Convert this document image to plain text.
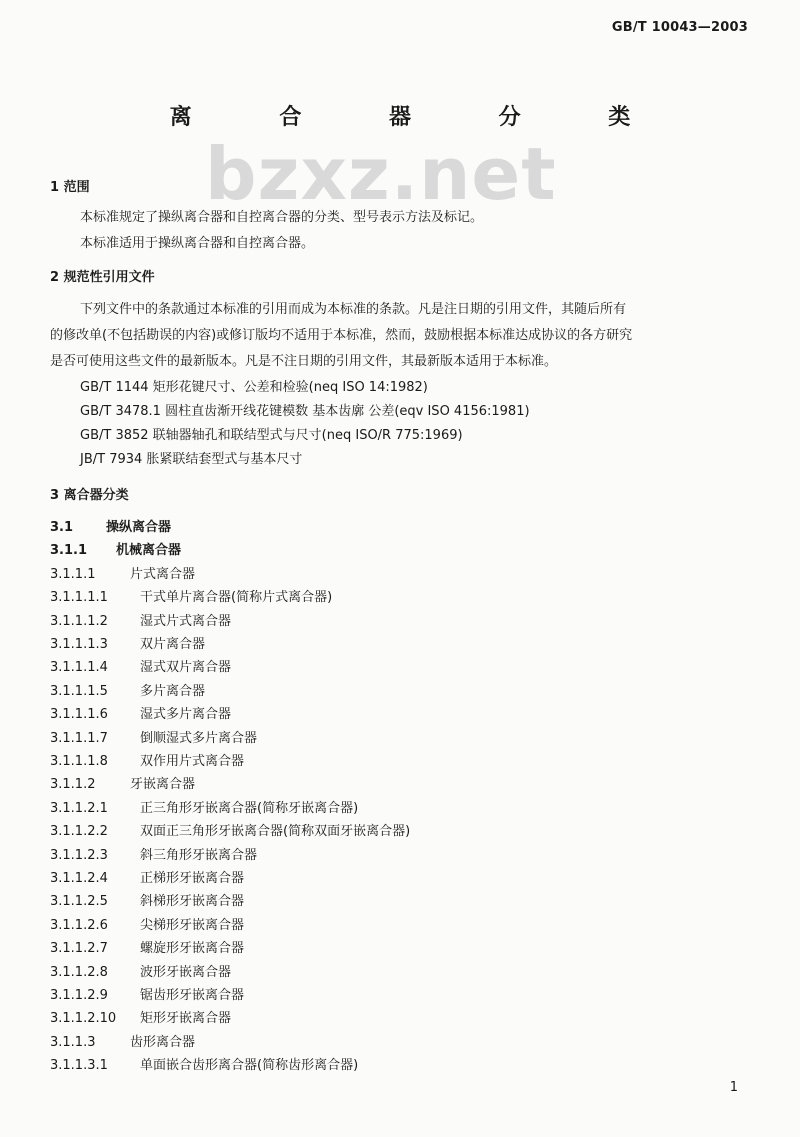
GB/T 10043—2003
bzxz.net
离 合 器 分 类
1 范围
本标准规定了操纵离合器和自控离合器的分类、型号表示方法及标记。
本标准适用于操纵离合器和自控离合器。
2 规范性引用文件
下列文件中的条款通过本标准的引用而成为本标准的条款。凡是注日期的引用文件，其随后所有
的修改单(不包括勘误的内容)或修订版均不适用于本标准，然而，鼓励根据本标准达成协议的各方研究
是否可使用这些文件的最新版本。凡是不注日期的引用文件，其最新版本适用于本标准。
GB/T 1144 矩形花键尺寸、公差和检验(neq ISO 14:1982)
GB/T 3478.1 圆柱直齿渐开线花键模数 基本齿廓 公差(eqv ISO 4156:1981)
GB/T 3852 联轴器轴孔和联结型式与尺寸(neq ISO/R 775:1969)
JB/T 7934 胀紧联结套型式与基本尺寸
3 离合器分类
3.1	操纵离合器
3.1.1 机械离合器
3.1.1.1	片式离合器
3.1.1.1.1 干式单片离合器(简称片式离合器)
3.1.1.1.2 湿式片式离合器
3.1.1.1.3 双片离合器
3.1.1.1.4 湿式双片离合器
3.1.1.1.5 多片离合器
3.1.1.1.6 湿式多片离合器
3.1.1.1.7 倒顺湿式多片离合器
3.1.1.1.8 双作用片式离合器
3.1.1.2	牙嵌离合器
3.1.1.2.1 正三角形牙嵌离合器(简称牙嵌离合器)
3.1.1.2.2 双面正三角形牙嵌离合器(简称双面牙嵌离合器)
3.1.1.2.3 斜三角形牙嵌离合器
3.1.1.2.4 正梯形牙嵌离合器
3.1.1.2.5 斜梯形牙嵌离合器
3.1.1.2.6 尖梯形牙嵌离合器
3.1.1.2.7 螺旋形牙嵌离合器
3.1.1.2.8 波形牙嵌离合器
3.1.1.2.9 锯齿形牙嵌离合器
3.1.1.2.10 矩形牙嵌离合器
3.1.1.3	齿形离合器
3.1.1.3.1 单面嵌合齿形离合器(简称齿形离合器)
1
